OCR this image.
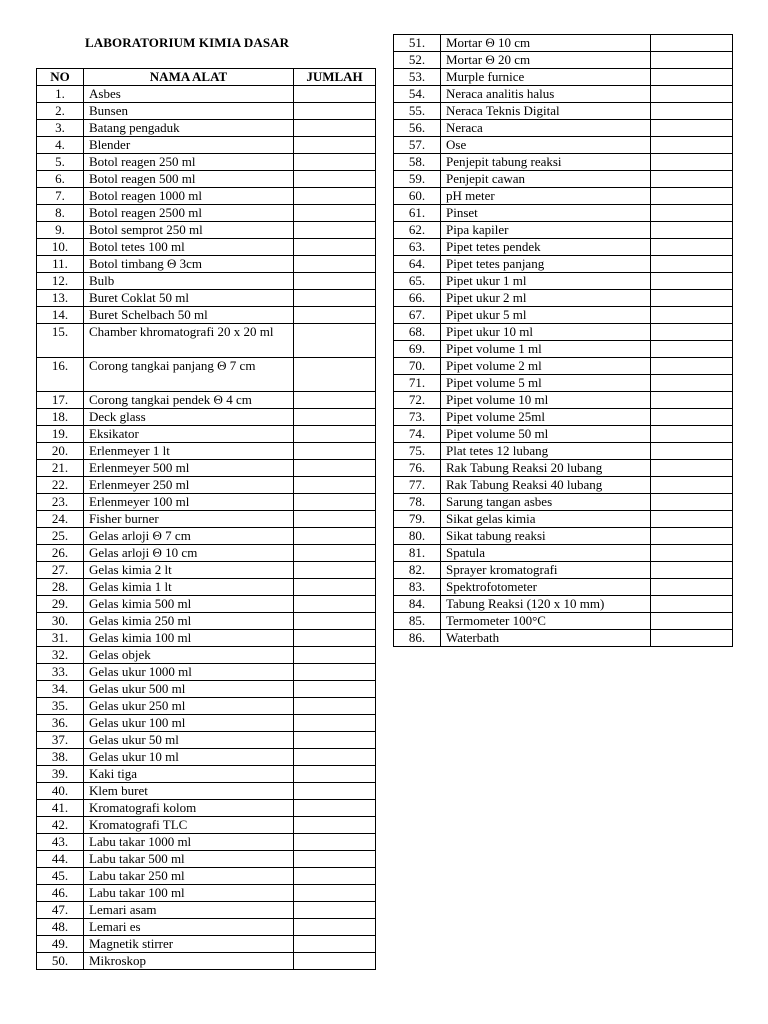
LABORATORIUM KIMIA DASAR
NO	NAMA ALAT	JUMLAH
1.	Asbes	
2.	Bunsen	
3.	Batang pengaduk	
4.	Blender	
5.	Botol reagen 250 ml	
6.	Botol reagen 500 ml	
7.	Botol reagen 1000 ml	
8.	Botol reagen 2500 ml	
9.	Botol semprot 250 ml	
10.	Botol tetes 100 ml	
11.	Botol timbang Θ 3cm	
12.	Bulb	
13.	Buret Coklat 50 ml	
14.	Buret Schelbach 50 ml	
15.	Chamber khromatografi 20 x 20 ml	
16.	Corong tangkai panjang Θ 7 cm	
17.	Corong tangkai pendek Θ 4 cm	
18.	Deck glass	
19.	Eksikator	
20.	Erlenmeyer 1 lt	
21.	Erlenmeyer 500 ml	
22.	Erlenmeyer 250 ml	
23.	Erlenmeyer 100 ml	
24.	Fisher burner	
25.	Gelas arloji Θ 7 cm	
26.	Gelas arloji Θ 10 cm	
27.	Gelas kimia 2 lt	
28.	Gelas kimia 1 lt	
29.	Gelas kimia 500 ml	
30.	Gelas kimia 250 ml	
31.	Gelas kimia 100 ml	
32.	Gelas objek	
33.	Gelas ukur 1000 ml	
34.	Gelas ukur 500 ml	
35.	Gelas ukur 250 ml	
36.	Gelas ukur 100 ml	
37.	Gelas ukur 50 ml	
38.	Gelas ukur 10 ml	
39.	Kaki tiga	
40.	Klem buret	
41.	Kromatografi kolom	
42.	Kromatografi TLC	
43.	Labu takar 1000 ml	
44.	Labu takar 500 ml	
45.	Labu takar 250 ml	
46.	Labu takar 100 ml	
47.	Lemari asam	
48.	Lemari es	
49.	Magnetik stirrer	
50.	Mikroskop	
51.	Mortar Θ 10 cm	
52.	Mortar Θ 20 cm	
53.	Murple furnice	
54.	Neraca analitis halus	
55.	Neraca Teknis Digital	
56.	Neraca	
57.	Ose	
58.	Penjepit tabung reaksi	
59.	Penjepit cawan	
60.	pH meter	
61.	Pinset	
62.	Pipa kapiler	
63.	Pipet tetes pendek	
64.	Pipet tetes panjang	
65.	Pipet ukur 1 ml	
66.	Pipet ukur 2 ml	
67.	Pipet ukur 5 ml	
68.	Pipet ukur 10 ml	
69.	Pipet volume 1 ml	
70.	Pipet volume 2 ml	
71.	Pipet volume 5 ml	
72.	Pipet volume 10 ml	
73.	Pipet volume 25ml	
74.	Pipet volume 50 ml	
75.	Plat tetes 12 lubang	
76.	Rak Tabung Reaksi 20 lubang	
77.	Rak Tabung Reaksi 40 lubang	
78.	Sarung tangan asbes	
79.	Sikat gelas kimia	
80.	Sikat tabung reaksi	
81.	Spatula	
82.	Sprayer kromatografi	
83.	Spektrofotometer	
84.	Tabung Reaksi (120 x 10 mm)	
85.	Termometer 100°C	
86.	Waterbath	
